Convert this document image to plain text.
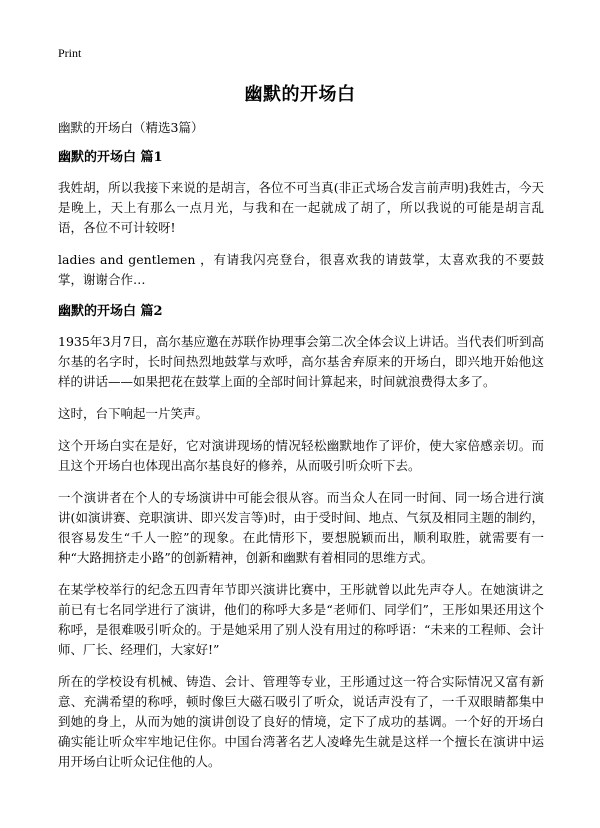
Print
幽默的开场白

幽默的开场白（精选3篇）

幽默的开场白 篇1

我姓胡，所以我接下来说的是胡言，各位不可当真(非正式场合发言前声明)我姓古，今天是晚上，天上有那么一点月光，与我和在一起就成了胡了，所以我说的可能是胡言乱语，各位不可计较呀!

ladies and gentlemen ，有请我闪亮登台，很喜欢我的请鼓掌，太喜欢我的不要鼓掌，谢谢合作…

幽默的开场白 篇2

1935年3月7日，高尔基应邀在苏联作协理事会第二次全体会议上讲话。当代表们听到高尔基的名字时，长时间热烈地鼓掌与欢呼，高尔基舍弃原来的开场白，即兴地开始他这样的讲话——如果把花在鼓掌上面的全部时间计算起来，时间就浪费得太多了。

这时，台下响起一片笑声。

这个开场白实在是好，它对演讲现场的情况轻松幽默地作了评价，使大家倍感亲切。而且这个开场白也体现出高尔基良好的修养，从而吸引听众听下去。

一个演讲者在个人的专场演讲中可能会很从容。而当众人在同一时间、同一场合进行演讲(如演讲赛、竞职演讲、即兴发言等)时，由于受时间、地点、气氛及相同主题的制约，很容易发生“千人一腔”的现象。在此情形下，要想脱颖而出，顺利取胜，就需要有一种“大路拥挤走小路”的创新精神，创新和幽默有着相同的思维方式。

在某学校举行的纪念五四青年节即兴演讲比赛中，王彤就曾以此先声夺人。在她演讲之前已有七名同学进行了演讲，他们的称呼大多是“老师们、同学们”，王彤如果还用这个称呼，是很难吸引听众的。于是她采用了别人没有用过的称呼语：“未来的工程师、会计师、厂长、经理们，大家好!”

所在的学校设有机械、铸造、会计、管理等专业，王彤通过这一符合实际情况又富有新意、充满希望的称呼，顿时像巨大磁石吸引了听众，说话声没有了，一千双眼睛都集中到她的身上，从而为她的演讲创设了良好的情境，定下了成功的基调。一个好的开场白确实能让听众牢牢地记住你。中国台湾著名艺人凌峰先生就是这样一个擅长在演讲中运用开场白让听众记住他的人。
